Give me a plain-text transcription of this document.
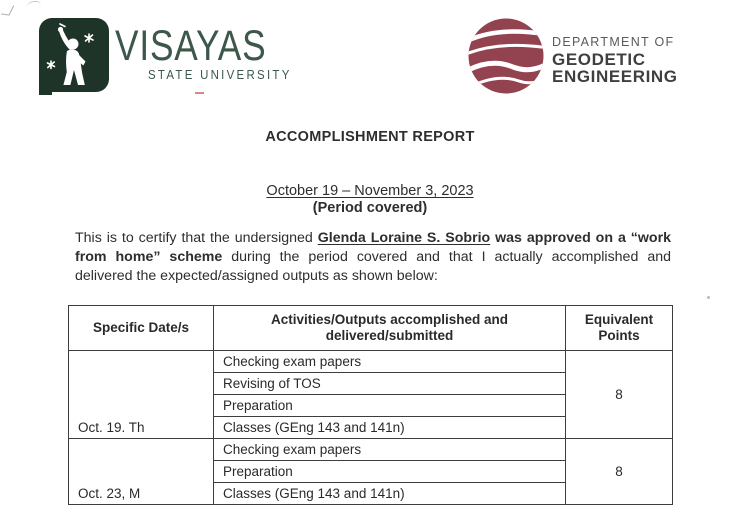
VISAYAS
STATE UNIVERSITY
DEPARTMENT OF
GEODETIC
ENGINEERING
ACCOMPLISHMENT REPORT
October 19 – November 3, 2023
(Period covered)
This is to certify that the undersigned Glenda Loraine S. Sobrio was approved on a “work from home” scheme during the period covered and that I actually accomplished and delivered the expected/assigned outputs as shown below:
Specific Date/s	Activities/Outputs accomplished and delivered/submitted	Equivalent Points
Oct. 19. Th	Checking exam papers	8
	Revising of TOS	
	Preparation	
	Classes (GEng 143 and 141n)	
Oct. 23, M	Checking exam papers	8
	Preparation	
	Classes (GEng 143 and 141n)	
